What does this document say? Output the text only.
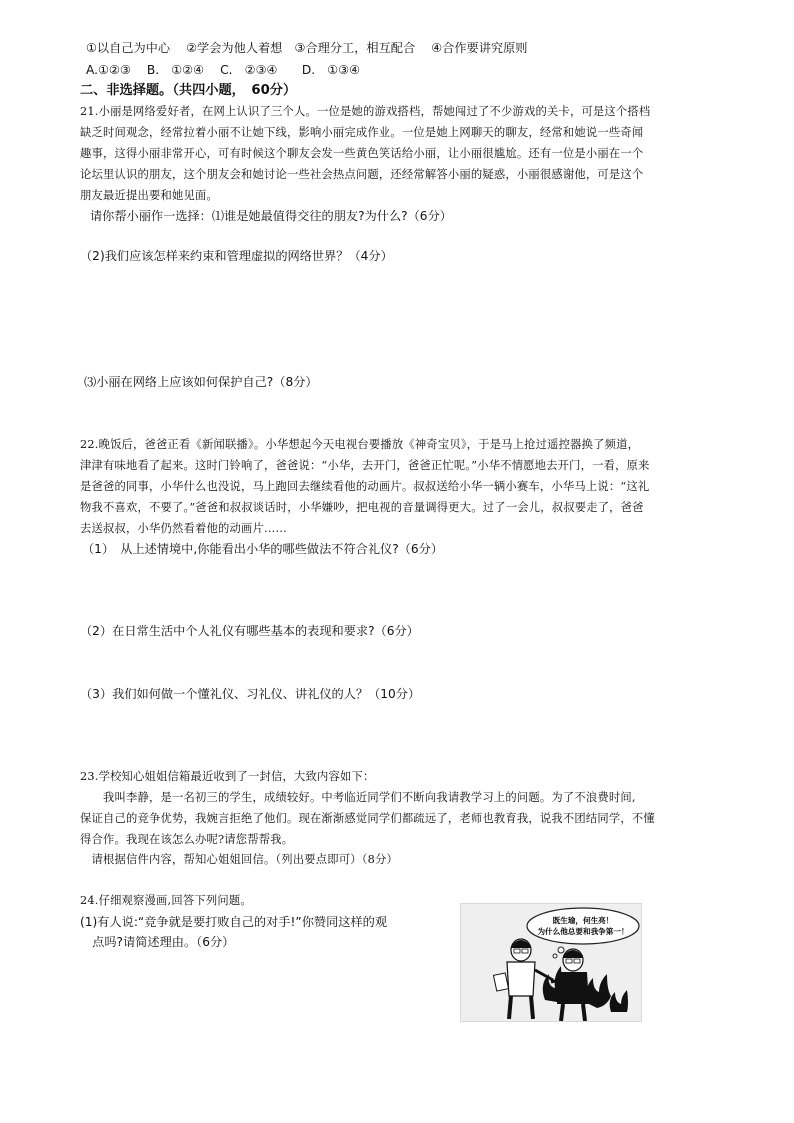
①以自己为中心　 ②学会为他人着想　③合理分工，相互配合　 ④合作要讲究原则
A.①②③　 B.　①②④　 C.　②③④　　D.　①③④
二、非选择题。（共四小题，　60分）
21.小丽是网络爱好者，在网上认识了三个人。一位是她的游戏搭档，帮她闯过了不少游戏的关卡，可是这个搭档
缺乏时间观念，经常拉着小丽不让她下线，影响小丽完成作业。一位是她上网聊天的聊友，经常和她说一些奇闻
趣事，这得小丽非常开心，可有时候这个聊友会发一些黄色笑话给小丽，让小丽很尴尬。还有一位是小丽在一个
论坛里认识的朋友，这个朋友会和她讨论一些社会热点问题，还经常解答小丽的疑惑，小丽很感谢他，可是这个
朋友最近提出要和她见面。
请你帮小丽作一选择：⑴谁是她最值得交往的朋友?为什么?（6分）
（2)我们应该怎样来约束和管理虚拟的网络世界？（4分）
⑶小丽在网络上应该如何保护自己?（8分）
22.晚饭后，爸爸正看《新闻联播》。小华想起今天电视台要播放《神奇宝贝》，于是马上抢过遥控器换了频道，
津津有味地看了起来。这时门铃响了，爸爸说：“小华，去开门，爸爸正忙呢。”小华不情愿地去开门，一看，原来
是爸爸的同事，小华什么也没说，马上跑回去继续看他的动画片。叔叔送给小华一辆小赛车，小华马上说：“这礼
物我不喜欢，不要了。”爸爸和叔叔谈话时，小华嫌吵，把电视的音量调得更大。过了一会儿，叔叔要走了，爸爸
去送叔叔，小华仍然看着他的动画片……
（1）　从上述情境中,你能看出小华的哪些做法不符合礼仪?（6分）
（2）在日常生活中个人礼仪有哪些基本的表现和要求?（6分）
（3）我们如何做一个懂礼仪、习礼仪、讲礼仪的人？（10分）
23.学校知心姐姐信箱最近收到了一封信，大致内容如下：
　　我叫李静，是一名初三的学生，成绩较好。中考临近同学们不断向我请教学习上的问题。为了不浪费时间,
保证自己的竞争优势，我婉言拒绝了他们。现在渐渐感觉同学们都疏远了，老师也教育我，说我不团结同学，不懂
得合作。我现在该怎么办呢?请您帮帮我。
　请根据信件内容，帮知心姐姐回信。（列出要点即可）（8分）
24.仔细观察漫画,回答下列问题。
(1)有人说:“竞争就是要打败自己的对手!”你赞同这样的观
　点吗?请简述理由。（6分）
既生瑜，何生亮！
为什么他总要和我争第一！
